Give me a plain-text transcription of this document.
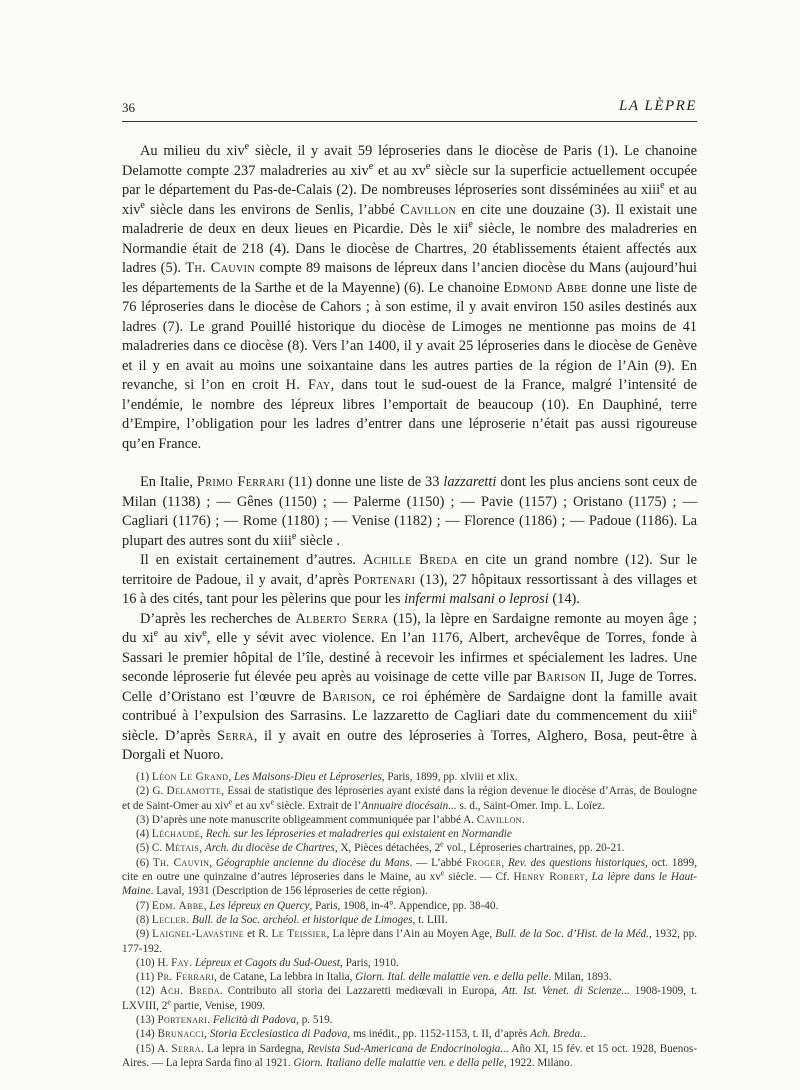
36	LA LÈPRE

Au milieu du xiv$^e$ siècle, il y avait 59 léproseries dans le diocèse de Paris (1). Le chanoine Delamotte compte 237 maladreries au xiv$^e$ et au $xv^e$ siècle sur la superficie actuellement occupée par le département du Pas-de-Calais (2). De nombreuses léproseries sont disséminées au xiii$^e$ et au xiv$^e$ siècle dans les environs de Senlis, l’abbé Cavillon en cite une douzaine (3). Il existait une maladrerie de deux en deux lieues en Picardie. Dès le xii$^e$ siècle, le nombre des maladreries en Normandie était de 218 (4). Dans le diocèse de Chartres, 20 établissements étaient affectés aux ladres (5). Th. Cauvin compte 89 maisons de lépreux dans l’ancien diocèse du Mans (aujourd’hui les départements de la Sarthe et de la Mayenne) (6). Le chanoine Edmond Abbe donne une liste de 76 léproseries dans le diocèse de Cahors ; à son estime, il y avait environ 150 asiles destinés aux ladres (7). Le grand Pouillé historique du diocèse de Limoges ne mentionne pas moins de 41 maladreries dans ce diocèse (8). Vers l’an 1400, il y avait 25 léproseries dans le diocèse de Genève et il y en avait au moins une soixantaine dans les autres parties de la région de l’Ain (9). En revanche, si l’on en croit H. Fay, dans tout le sud-ouest de la France, malgré l’intensité de l’endémie, le nombre des lépreux libres l’emportait de beaucoup (10). En Dauphiné, terre d’Empire, l’obligation pour les ladres d’entrer dans une léproserie n’était pas aussi rigoureuse qu’en France.

En Italie, Primo Ferrari (11) donne une liste de 33 lazzaretti dont les plus anciens sont ceux de Milan (1138) ; — Gênes (1150) ; — Palerme (1150) ; — Pavie (1157) ; Oristano (1175) ; — Cagliari (1176) ; — Rome (1180) ; — Venise (1182) ; — Florence (1186) ; — Padoue (1186). La plupart des autres sont du xiii$^e$ siècle .

Il en existait certainement d’autres. Achille Breda en cite un grand nombre (12). Sur le territoire de Padoue, il y avait, d’après Portenari (13), 27 hôpitaux ressortissant à des villages et 16 à des cités, tant pour les pèlerins que pour les infermi malsani o leprosi (14).

D’après les recherches de Alberto Serra (15), la lèpre en Sardaigne remonte au moyen âge ; du $xi^e$ au xiv$^e$, elle y sévit avec violence. En l’an 1176, Albert, archevêque de Torres, fonde à Sassari le premier hôpital de l’île, destiné à recevoir les infirmes et spécialement les ladres. Une seconde léproserie fut élevée peu après au voisinage de cette ville par Barison II, Juge de Torres. Celle d’Oristano est l’œuvre de Barison, ce roi éphémère de Sardaigne dont la famille avait contribué à l’expulsion des Sarrasins. Le lazzaretto de Cagliari date du commencement du xiii$^e$ siècle. D’après Serra, il y avait en outre des léproseries à Torres, Alghero, Bosa, peut-être à Dorgali et Nuoro.

(1) Léon Le Grand, Les Maisons-Dieu et Léproseries, Paris, 1899, pp. xlviii et xlix.

(2) G. Delamotte, Essai de statistique des léproseries ayant existé dans la région devenue le diocèse d’Arras, de Boulogne et de Saint-Omer au xiv$^e$ et au $xv^e$ siècle. Extrait de l’Annuaire diocésain... s. d., Saint-Omer. Imp. L. Loïez.

(3) D’après une note manuscrite obligeamment communiquée par l’abbé A. Cavillon.

(4) Léchaudé, Rech. sur les léproseries et maladreries qui existaient en Normandie

(5) C. Métais, Arch. du diocèse de Chartres, X, Pièces détachées, 2e vol., Léproseries chartraines, pp. 20-21.

(6) Th. Cauvin, Géographie ancienne du diocèse du Mans. — L’abbé Froger, Rev. des questions historiques, oct. 1899, cite en outre une quinzaine d’autres léproseries dans le Maine, au $xv^e$ siècle. — Cf. Henry Robert, La lèpre dans le Haut-Maine. Laval, 1931 (Description de 156 léproseries de cette région).

(7) Edm. Abbe, Les lépreux en Quercy, Paris, 1908, in-4°. Appendice, pp. 38-40.

(8) Lecler. Bull. de la Soc. archéol. et historique de Limoges, t. LIII.

(9) Laignel-Lavastine et R. Le Teissier, La lèpre dans l’Ain au Moyen Age, Bull. de la Soc. d’Hist. de la Méd., 1932, pp. 177-192.

(10) H. Fay. Lépreux et Cagots du Sud-Ouest, Paris, 1910.

(11) Pr. Ferrari, de Catane, La lebbra in Italia, Giorn. Ital. delle malattie ven. e della pelle. Milan, 1893.

(12) Ach. Breda. Contributo all storia dei Lazzaretti mediœvali in Europa, Att. Ist. Venet. di Scienze... 1908-1909, t. LXVIII, 2e partie, Venise, 1909.

(13) Portenari. Felicità di Padova, p. 519.

(14) Brunacci, Storia Ecclesiastica di Padova, ms inédit., pp. 1152-1153, t. II, d’après Ach. Breda..

(15) A. Serra. La lepra in Sardegna, Revista Sud-Americana de Endocrinologia... Año XI, 15 fév. et 15 oct. 1928, Buenos-Aires. — La lepra Sarda fino al 1921. Giorn. Italiano delle malattie ven. e della pelle, 1922. Milano.
